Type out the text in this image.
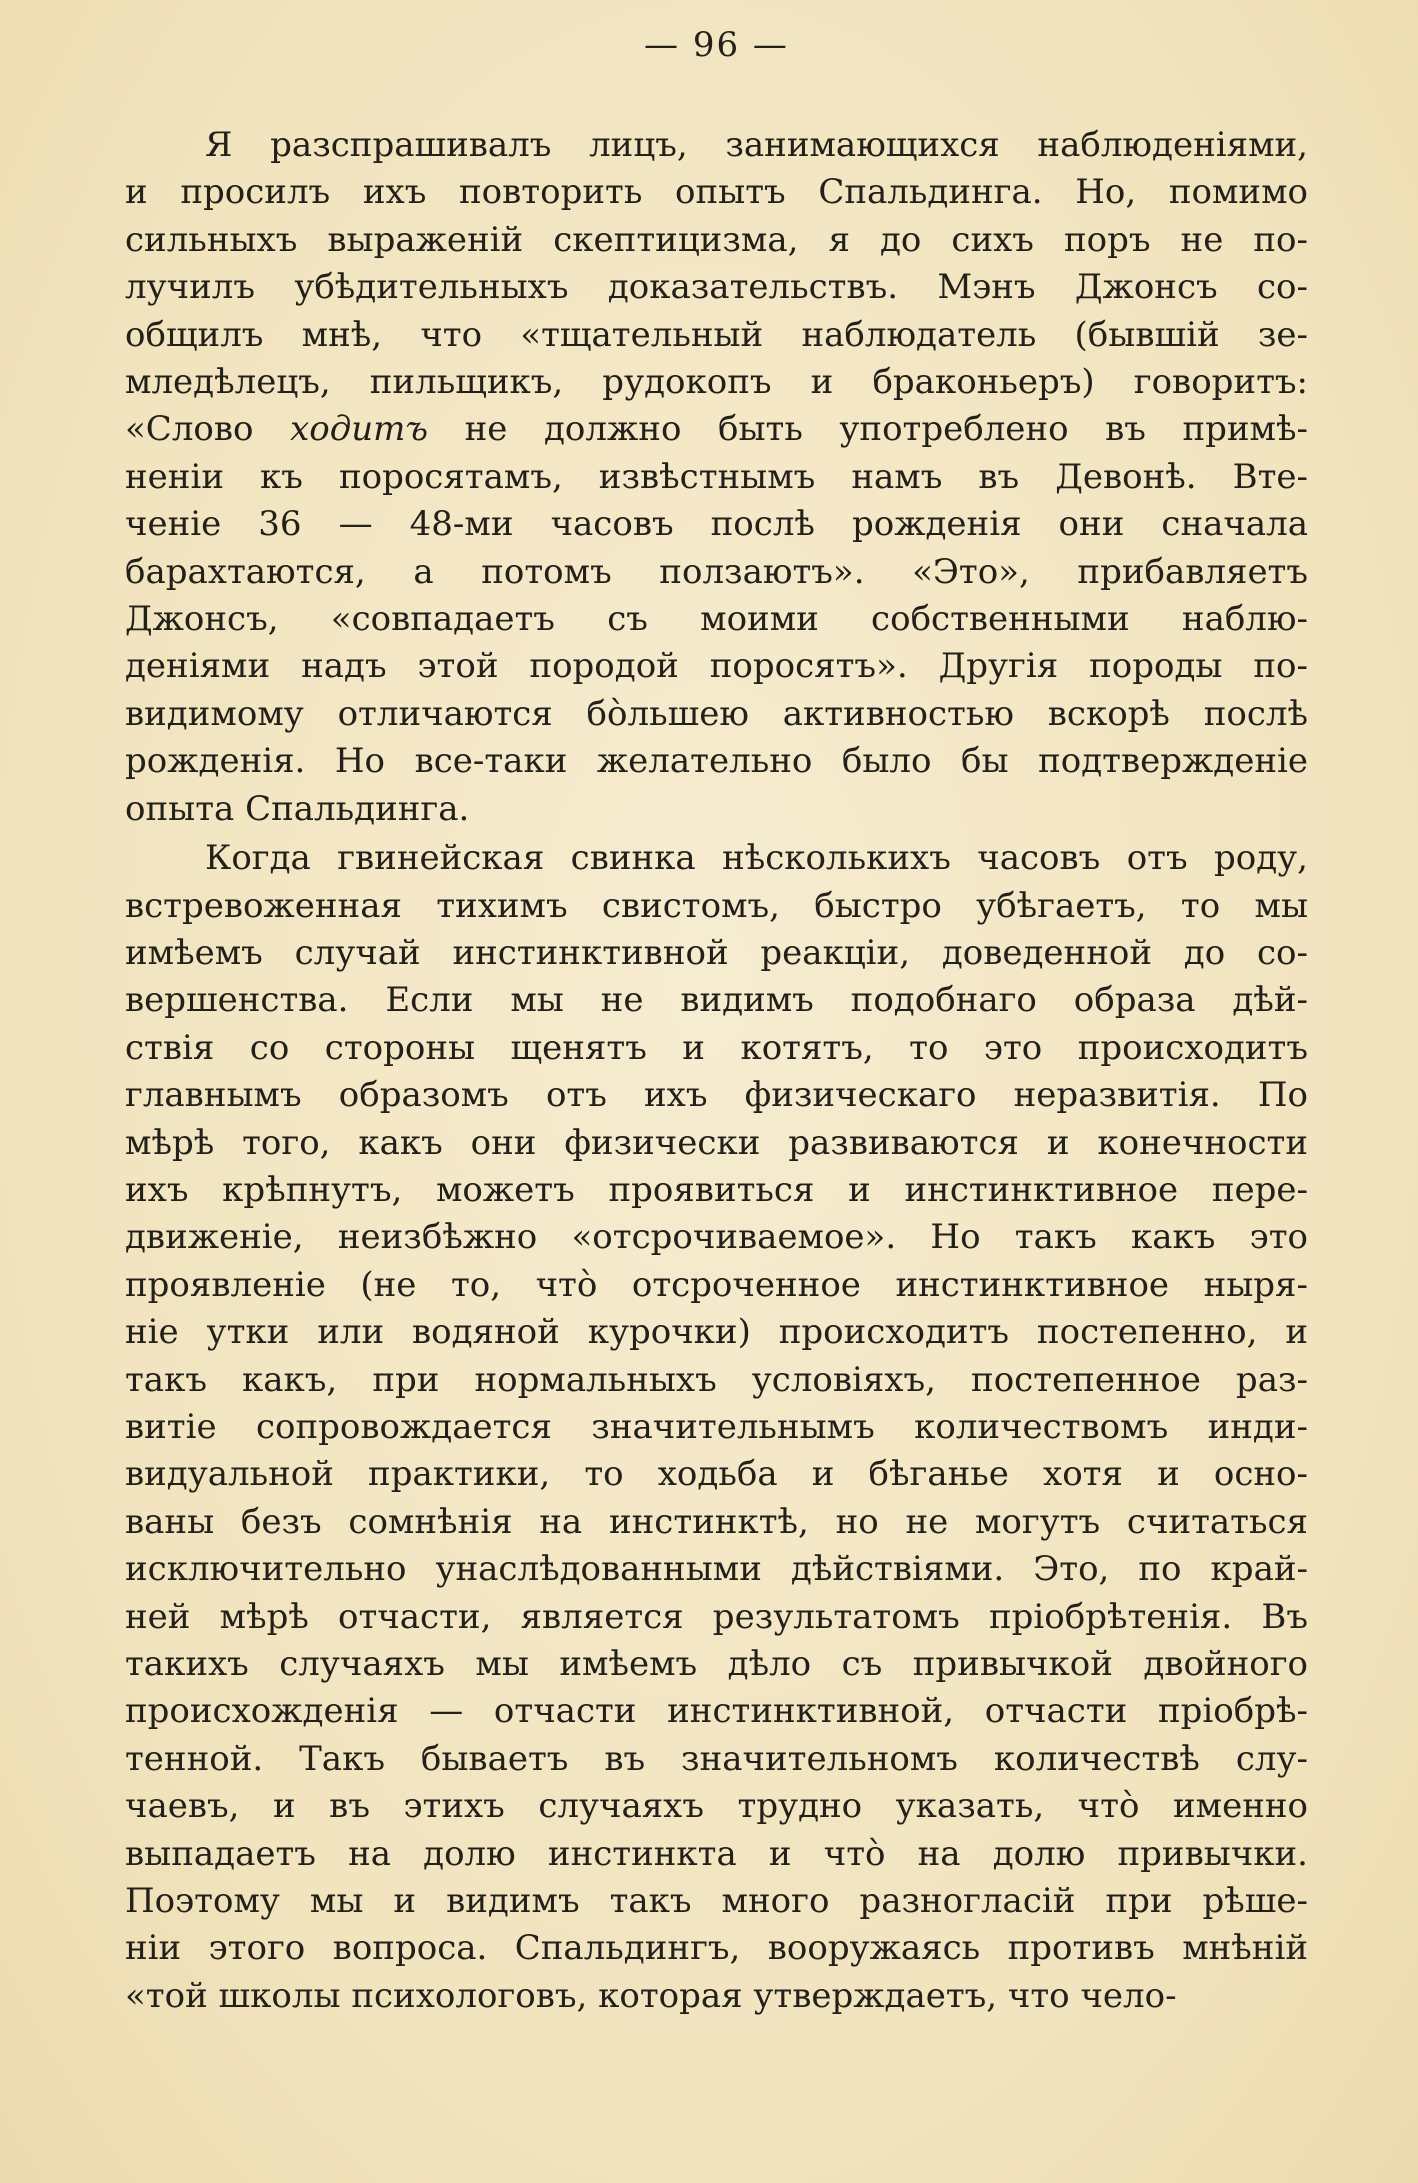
— 96 —
Я разспрашивалъ лицъ, занимающихся наблюденіями,
и просилъ ихъ повторить опытъ Спальдинга. Но, помимо
сильныхъ выраженій скептицизма, я до сихъ поръ не по-
лучилъ убѣдительныхъ доказательствъ. Мэнъ Джонсъ со-
общилъ мнѣ, что «тщательный наблюдатель (бывшій зе-
мледѣлецъ, пильщикъ, рудокопъ и браконьеръ) говоритъ:
«Слово ходитъ не должно быть употреблено въ примѣ-
неніи къ поросятамъ, извѣстнымъ намъ въ Девонѣ. Вте-
ченіе 36 — 48-ми часовъ послѣ рожденія они сначала
барахтаются, а потомъ ползаютъ». «Это», прибавляетъ
Джонсъ, «совпадаетъ съ моими собственными наблю-
деніями надъ этой породой поросятъ». Другія породы по-
видимому отличаются бо̀льшею активностью вскорѣ послѣ
рожденія. Но все-таки желательно было бы подтвержденіе
опыта Спальдинга.
Когда гвинейская свинка нѣсколькихъ часовъ отъ роду,
встревоженная тихимъ свистомъ, быстро убѣгаетъ, то мы
имѣемъ случай инстинктивной реакціи, доведенной до со-
вершенства. Если мы не видимъ подобнаго образа дѣй-
ствія со стороны щенятъ и котятъ, то это происходитъ
главнымъ образомъ отъ ихъ физическаго неразвитія. По
мѣрѣ того, какъ они физически развиваются и конечности
ихъ крѣпнутъ, можетъ проявиться и инстинктивное пере-
движеніе, неизбѣжно «отсрочиваемое». Но такъ какъ это
проявленіе (не то, что̀ отсроченное инстинктивное ныря-
ніе утки или водяной курочки) происходитъ постепенно, и
такъ какъ, при нормальныхъ условіяхъ, постепенное раз-
витіе сопровождается значительнымъ количествомъ инди-
видуальной практики, то ходьба и бѣганье хотя и осно-
ваны безъ сомнѣнія на инстинктѣ, но не могутъ считаться
исключительно унаслѣдованными дѣйствіями. Это, по край-
ней мѣрѣ отчасти, является результатомъ пріобрѣтенія. Въ
такихъ случаяхъ мы имѣемъ дѣло съ привычкой двойного
происхожденія — отчасти инстинктивной, отчасти пріобрѣ-
тенной. Такъ бываетъ въ значительномъ количествѣ слу-
чаевъ, и въ этихъ случаяхъ трудно указать, что̀ именно
выпадаетъ на долю инстинкта и что̀ на долю привычки.
Поэтому мы и видимъ такъ много разногласій при рѣше-
ніи этого вопроса. Спальдингъ, вооружаясь противъ мнѣній
«той школы психологовъ, которая утверждаетъ, что чело-
